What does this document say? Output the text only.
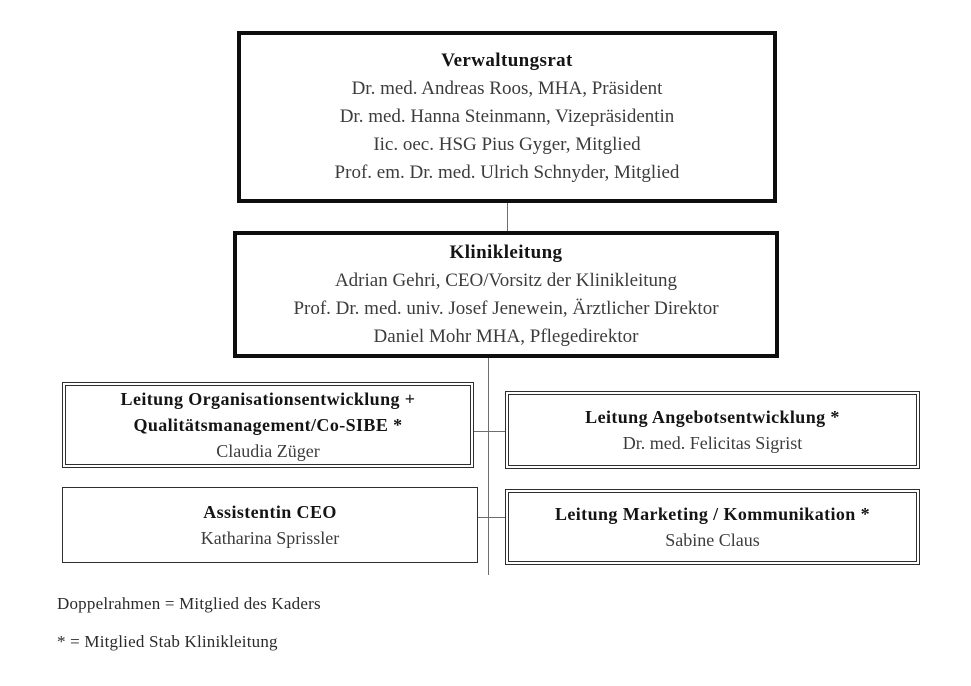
Verwaltungsrat
Dr. med. Andreas Roos, MHA, Präsident
Dr. med. Hanna Steinmann, Vizepräsidentin
Iic. oec. HSG Pius Gyger, Mitglied
Prof. em. Dr. med. Ulrich Schnyder, Mitglied
Klinikleitung
Adrian Gehri, CEO/Vorsitz der Klinikleitung
Prof. Dr. med. univ. Josef Jenewein, Ärztlicher Direktor
Daniel Mohr MHA, Pflegedirektor
Leitung Organisationsentwicklung +
Qualitätsmanagement/Co-SIBE *
Claudia Züger
Leitung Angebotsentwicklung *
Dr. med. Felicitas Sigrist
Assistentin CEO
Katharina Sprissler
Leitung Marketing / Kommunikation *
Sabine Claus
Doppelrahmen = Mitglied des Kaders
* = Mitglied Stab Klinikleitung
